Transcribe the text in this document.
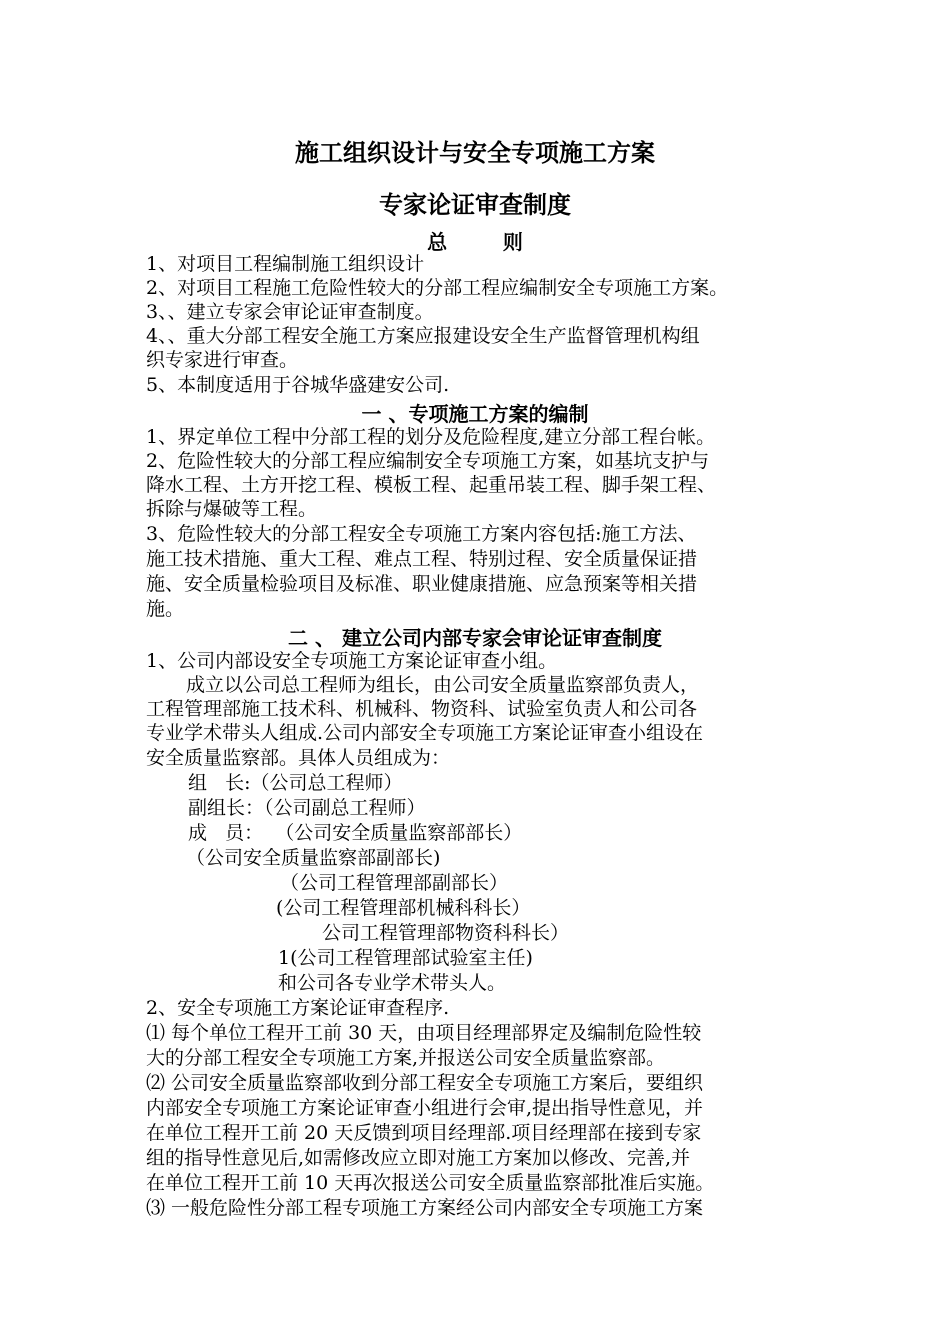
施工组织设计与安全专项施工方案
专家论证审查制度
总        则
1、对项目工程编制施工组织设计
2、对项目工程施工危险性较大的分部工程应编制安全专项施工方案。
3、、建立专家会审论证审查制度。
4、、重大分部工程安全施工方案应报建设安全生产监督管理机构组
织专家进行审查。
5、本制度适用于谷城华盛建安公司.
一 、专项施工方案的编制
1、界定单位工程中分部工程的划分及危险程度,建立分部工程台帐。
2、危险性较大的分部工程应编制安全专项施工方案，如基坑支护与
降水工程、土方开挖工程、模板工程、起重吊装工程、脚手架工程、
拆除与爆破等工程。
3、危险性较大的分部工程安全专项施工方案内容包括:施工方法、
施工技术措施、重大工程、难点工程、特别过程、安全质量保证措
施、安全质量检验项目及标准、职业健康措施、应急预案等相关措
施。
二 、 建立公司内部专家会审论证审查制度
1、公司内部设安全专项施工方案论证审查小组。
成立以公司总工程师为组长，由公司安全质量监察部负责人，
工程管理部施工技术科、机械科、物资科、试验室负责人和公司各
专业学术带头人组成.公司内部安全专项施工方案论证审查小组设在
安全质量监察部。具体人员组成为：
组   长:（公司总工程师）
副组长：（公司副总工程师）
成   员：  （公司安全质量监察部部长）
（公司安全质量监察部副部长)
（公司工程管理部副部长）
(公司工程管理部机械科科长）
公司工程管理部物资科科长）
1(公司工程管理部试验室主任)
和公司各专业学术带头人。
2、安全专项施工方案论证审查程序.
⑴ 每个单位工程开工前 30 天，由项目经理部界定及编制危险性较
大的分部工程安全专项施工方案,并报送公司安全质量监察部。
⑵ 公司安全质量监察部收到分部工程安全专项施工方案后，要组织
内部安全专项施工方案论证审查小组进行会审,提出指导性意见，并
在单位工程开工前 20 天反馈到项目经理部.项目经理部在接到专家
组的指导性意见后,如需修改应立即对施工方案加以修改、完善,并
在单位工程开工前 10 天再次报送公司安全质量监察部批准后实施。
⑶ 一般危险性分部工程专项施工方案经公司内部安全专项施工方案
